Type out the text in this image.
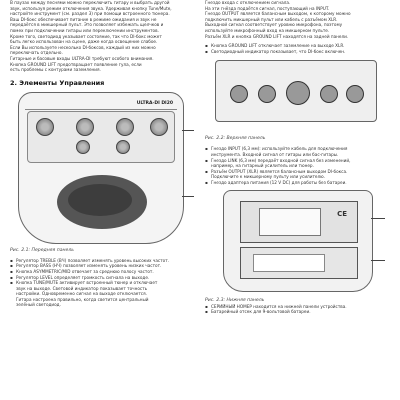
В паузах между песнями можно переключить гитару и выбрать другой
звук, используя режим отключения звука. Удерживая кнопку Tune/Mute,
настройте инструмент (см. раздел 3) при помощи встроенного тюнера.
Ваш DI-бокс обеспечивает питание в режиме ожидания и звук не
передаётся в микшерный пульт. Это позволяет избежать щелчков и
помех при подключении гитары или переключении инструментов.
Кроме того, светодиод указывает состояние, так что DI-бокс может
быть легко использован на сцене, даже когда освещение слабое.
Если Вы используете несколько DI-боксов, каждый из них можно
переключать отдельно.
Гитарные и басовые входы ULTRA-DI требуют особого внимания.
Кнопка GROUND LIFT предотвращает появление гула, если
есть проблемы с контурами заземления.
2. Элементы Управления
ULTRA-DI DI20
Рис. 2.1: Передняя панель
▪ Регулятор TREBLE (ВЧ) позволяет изменять уровень высоких частот.
▪ Регулятор BASS (НЧ) позволяет изменять уровень низких частот.
▪ Кнопка ASYMMETRIC/MID отвечает за среднюю полосу частот.
▪ Регулятор LEVEL определяет громкость сигнала на выходе.
▪ Кнопка TUNE/MUTE активирует встроенный тюнер и отключает
звук на выходе. Световой индикатор показывает точность
настройки. Одновременно сигнал на выходе отключается.
Гитара настроена правильно, когда светится центральный
зелёный светодиод.
Гнездо входа с отключением сигнала.
На эти гнёзда подаётся сигнал, поступающий на INPUT.
Гнездо OUTPUT является балансным выходом, к которому можно
подключить микшерный пульт или кабель с разъёмом XLR.
Выходной сигнал соответствует уровню микрофона, поэтому
используйте микрофонный вход на микшерном пульте.
Разъём XLR и кнопка GROUND LIFT находятся на задней панели.
▪ Кнопка GROUND LIFT отключает заземление на выходе XLR.
▪ Светодиодный индикатор показывает, что DI-бокс включен.
Рис. 2.2: Верхняя панель
▪ Гнездо INPUT (6,3 мм): используйте кабель для подключения
инструмента. Входной сигнал от гитары или бас-гитары.
▪ Гнездо LINK (6,3 мм) передаёт входной сигнал без изменений,
например, на гитарный усилитель или тюнер.
▪ Разъём OUTPUT (XLR) является балансным выходом DI-бокса.
Подключите к микшерному пульту или усилителю.
▪ Гнездо адаптера питания (12 V DC) для работы без батареи.
CE
Рис. 2.3: Нижняя панель
▪ СЕРИЙНЫЙ НОМЕР находится на нижней панели устройства.
▪ Батарейный отсек для 9-вольтовой батареи.
